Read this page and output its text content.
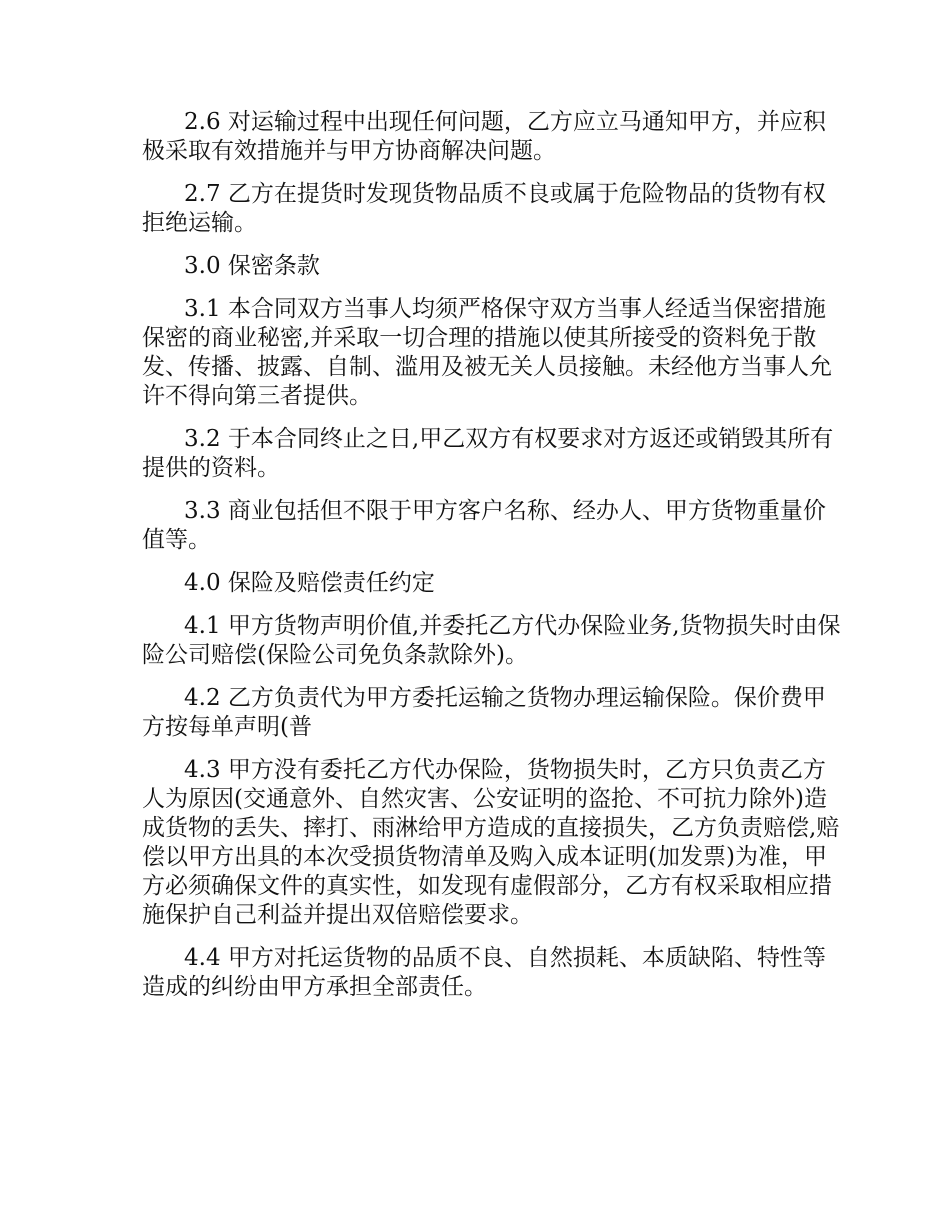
2.6 对运输过程中出现任何问题，乙方应立马通知甲方，并应积极采取有效措施并与甲方协商解决问题。

2.7 乙方在提货时发现货物品质不良或属于危险物品的货物有权拒绝运输。

3.0 保密条款

3.1 本合同双方当事人均须严格保守双方当事人经适当保密措施保密的商业秘密,并采取一切合理的措施以使其所接受的资料免于散发、传播、披露、自制、滥用及被无关人员接触。未经他方当事人允许不得向第三者提供。

3.2 于本合同终止之日,甲乙双方有权要求对方返还或销毁其所有提供的资料。

3.3 商业包括但不限于甲方客户名称、经办人、甲方货物重量价值等。

4.0 保险及赔偿责任约定

4.1 甲方货物声明价值,并委托乙方代办保险业务,货物损失时由保险公司赔偿(保险公司免负条款除外)。

4.2 乙方负责代为甲方委托运输之货物办理运输保险。保价费甲方按每单声明(普

4.3 甲方没有委托乙方代办保险，货物损失时，乙方只负责乙方人为原因(交通意外、自然灾害、公安证明的盗抢、不可抗力除外)造成货物的丢失、摔打、雨淋给甲方造成的直接损失，乙方负责赔偿,赔偿以甲方出具的本次受损货物清单及购入成本证明(加发票)为准，甲方必须确保文件的真实性，如发现有虚假部分，乙方有权采取相应措施保护自己利益并提出双倍赔偿要求。

4.4 甲方对托运货物的品质不良、自然损耗、本质缺陷、特性等造成的纠纷由甲方承担全部责任。
